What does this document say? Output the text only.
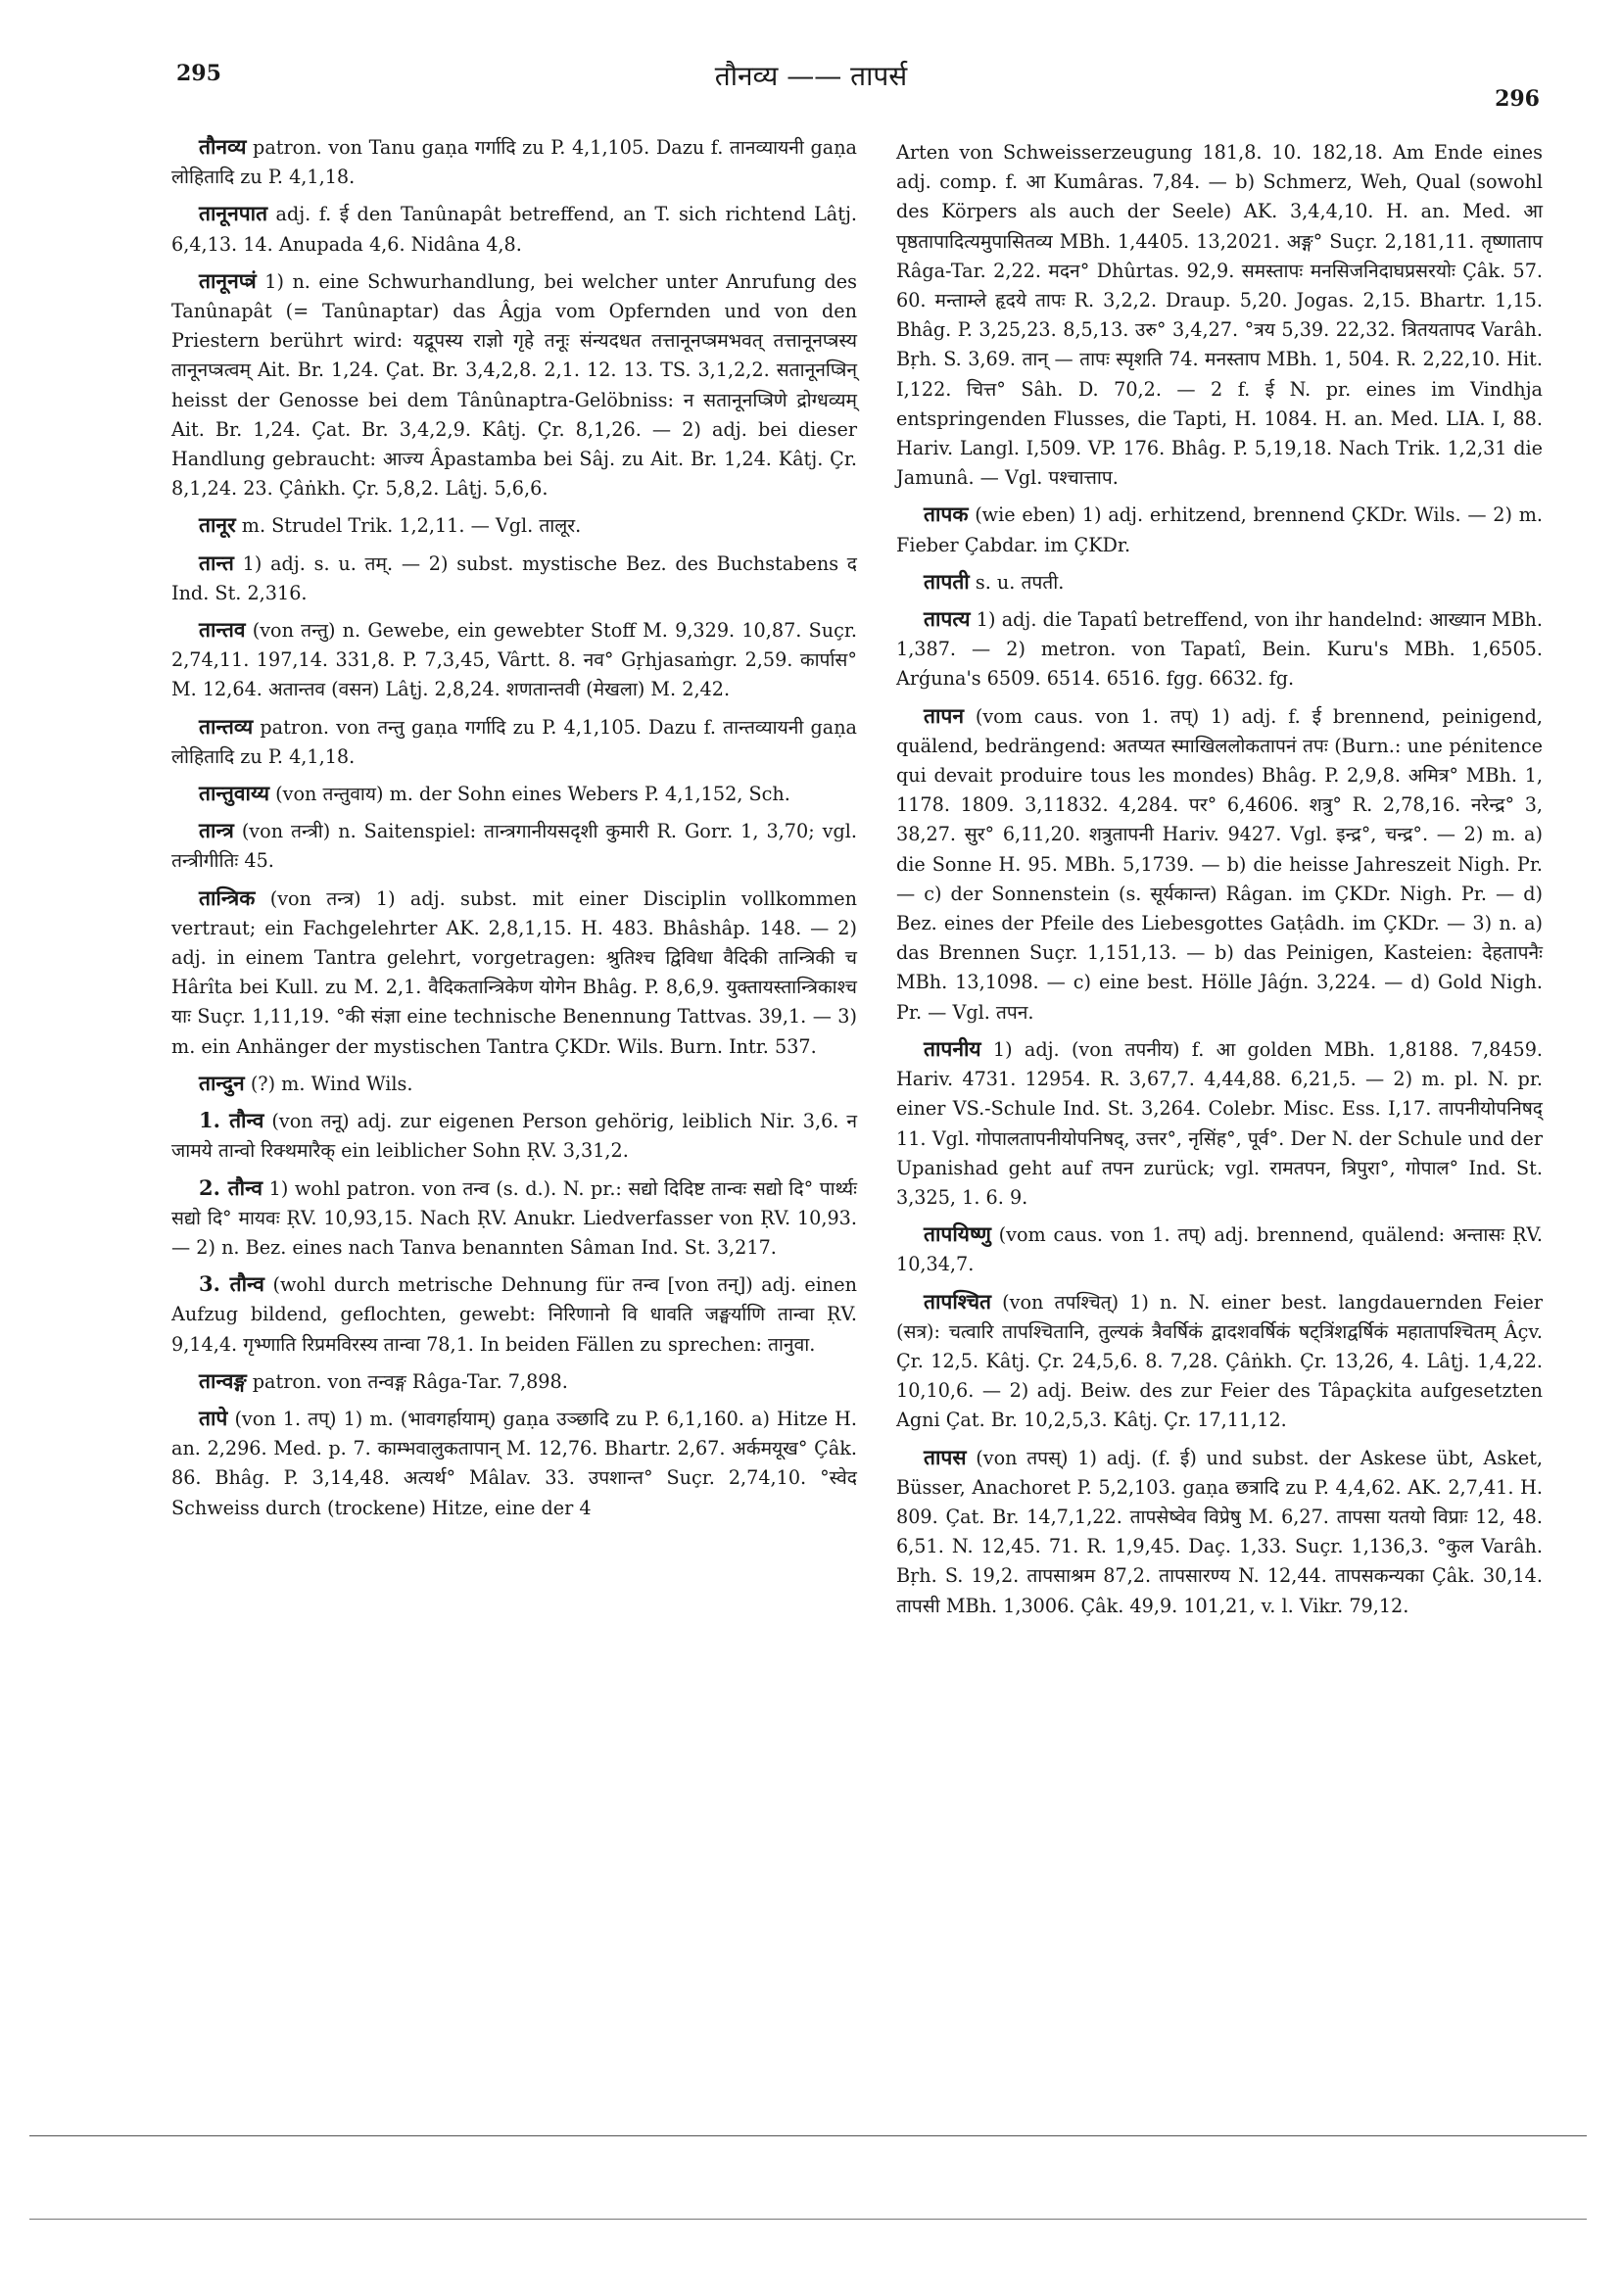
295	तौनव्य —— तापर्स
296

तौनव्य patron. von Tanu gaṇa गर्गादि zu P. 4,1,105. Dazu f. तानव्यायनी gaṇa लोहितादि zu P. 4,1,18.

तानूनपात adj. f. ई den Tanûnapât betreffend, an T. sich richtend Lâṭj. 6,4,13. 14. Anupada 4,6. Nidâna 4,8.

तानूनप्त्रं 1) n. eine Schwurhandlung, bei welcher unter Anrufung des Tanûnapât (= Tanûnaptar) das Âgja vom Opfernden und von den Priestern berührt wird: यद्रूपस्य राज्ञो गृहे तनूः संन्यदधत तत्तानूनप्त्रमभवत् तत्तानूनप्त्रस्य तानूनप्त्रत्वम् Ait. Br. 1,24. Çat. Br. 3,4,2,8. 2,1. 12. 13. TS. 3,1,2,2. सतानूनप्त्रिन् heisst der Genosse bei dem Tânûnaptra-Gelöbniss: न सतानूनप्त्रिणे द्रोग्धव्यम् Ait. Br. 1,24. Çat. Br. 3,4,2,9. Kâtj. Çr. 8,1,26. — 2) adj. bei dieser Handlung gebraucht: आज्य Âpastamba bei Sâj. zu Ait. Br. 1,24. Kâtj. Çr. 8,1,24. 23. Çâṅkh. Çr. 5,8,2. Lâṭj. 5,6,6.

तानूर m. Strudel Trik. 1,2,11. — Vgl. तालूर.

तान्त 1) adj. s. u. तम्. — 2) subst. mystische Bez. des Buchstabens द Ind. St. 2,316.

तान्तव (von तन्तु) n. Gewebe, ein gewebter Stoff M. 9,329. 10,87. Suçr. 2,74,11. 197,14. 331,8. P. 7,3,45, Vârtt. 8. नव° Gṛhjasaṁgr. 2,59. कार्पास° M. 12,64. अतान्तव (वसन) Lâṭj. 2,8,24. शणतान्तवी (मेखला) M. 2,42.

तान्तव्य patron. von तन्तु gaṇa गर्गादि zu P. 4,1,105. Dazu f. तान्तव्यायनी gaṇa लोहितादि zu P. 4,1,18.

तान्तुवाय्य (von तन्तुवाय) m. der Sohn eines Webers P. 4,1,152, Sch.

तान्त्र (von तन्त्री) n. Saitenspiel: तान्त्रगानीयसदृशी कुमारी R. Gorr. 1, 3,70; vgl. तन्त्रीगीतिः 45.

तान्त्रिक (von तन्त्र) 1) adj. subst. mit einer Disciplin vollkommen vertraut; ein Fachgelehrter AK. 2,8,1,15. H. 483. Bhâshâp. 148. — 2) adj. in einem Tantra gelehrt, vorgetragen: श्रुतिश्च द्विविधा वैदिकी तान्त्रिकी च Hârîta bei Kull. zu M. 2,1. वैदिकतान्त्रिकेण योगेन Bhâg. P. 8,6,9. युक्तायस्तान्त्रिकाश्च याः Suçr. 1,11,19. °की संज्ञा eine technische Benennung Tattvas. 39,1. — 3) m. ein Anhänger der mystischen Tantra ÇKDr. Wils. Burn. Intr. 537.

तान्दुन (?) m. Wind Wils.

1. तौन्व (von तनू) adj. zur eigenen Person gehörig, leiblich Nir. 3,6. न जामये तान्वो रिक्थमारैक् ein leiblicher Sohn ṚV. 3,31,2.

2. तौन्व 1) wohl patron. von तन्व (s. d.). N. pr.: सद्यो दिदिष्ट तान्वः सद्यो दि° पार्थ्यः सद्यो दि° मायवः ṚV. 10,93,15. Nach ṚV. Anukr. Liedverfasser von ṚV. 10,93. — 2) n. Bez. eines nach Tanva benannten Sâman Ind. St. 3,217.

3. तौन्व (wohl durch metrische Dehnung für तन्व [von तन्]) adj. einen Aufzug bildend, geflochten, gewebt: निरिणानो वि धावति जङ्घर्याणि तान्वा ṚV. 9,14,4. गृभ्णाति रिप्रमविरस्य तान्वा 78,1. In beiden Fällen zu sprechen: तानुवा.

तान्वङ्ग patron. von तन्वङ्ग Râga-Tar. 7,898.

तापे (von 1. तप्) 1) m. (भावगर्हायाम्) gaṇa उञ्छादि zu P. 6,1,160. a) Hitze H. an. 2,296. Med. p. 7. काम्भवालुकतापान् M. 12,76. Bhartr. 2,67. अर्कमयूख° Çâk. 86. Bhâg. P. 3,14,48. अत्यर्थ° Mâlav. 33. उपशान्त° Suçr. 2,74,10. °स्वेद Schweiss durch (trockene) Hitze, eine der 4

Arten von Schweisserzeugung 181,8. 10. 182,18. Am Ende eines adj. comp. f. आ Kumâras. 7,84. — b) Schmerz, Weh, Qual (sowohl des Körpers als auch der Seele) AK. 3,4,4,10. H. an. Med. आ पृष्ठतापादित्यमुपासितव्य MBh. 1,4405. 13,2021. अङ्ग° Suçr. 2,181,11. तृष्णाताप Râga-Tar. 2,22. मदन° Dhûrtas. 92,9. समस्तापः मनसिजनिदाघप्रसरयोः Çâk. 57. 60. मन्ताम्ले हृदये तापः R. 3,2,2. Draup. 5,20. Jogas. 2,15. Bhartr. 1,15. Bhâg. P. 3,25,23. 8,5,13. उरु° 3,4,27. °त्रय 5,39. 22,32. त्रितयतापद Varâh. Bṛh. S. 3,69. तान् — तापः स्पृशति 74. मनस्ताप MBh. 1, 504. R. 2,22,10. Hit. I,122. चित्त° Sâh. D. 70,2. — 2 f. ई N. pr. eines im Vindhja entspringenden Flusses, die Tapti, H. 1084. H. an. Med. LIA. I, 88. Hariv. Langl. I,509. VP. 176. Bhâg. P. 5,19,18. Nach Trik. 1,2,31 die Jamunâ. — Vgl. पश्चात्ताप.

तापक (wie eben) 1) adj. erhitzend, brennend ÇKDr. Wils. — 2) m. Fieber Çabdar. im ÇKDr.

तापती s. u. तपती.

तापत्य 1) adj. die Tapatî betreffend, von ihr handelnd: आख्यान MBh. 1,387. — 2) metron. von Tapatî, Bein. Kuru's MBh. 1,6505. Arǵuna's 6509. 6514. 6516. fgg. 6632. fg.

तापन (vom caus. von 1. तप्) 1) adj. f. ई brennend, peinigend, quälend, bedrängend: अतप्यत स्माखिललोकतापनं तपः (Burn.: une pénitence qui devait produire tous les mondes) Bhâg. P. 2,9,8. अमित्र° MBh. 1, 1178. 1809. 3,11832. 4,284. पर° 6,4606. शत्रु° R. 2,78,16. नरेन्द्र° 3, 38,27. सुर° 6,11,20. शत्रुतापनी Hariv. 9427. Vgl. इन्द्र°, चन्द्र°. — 2) m. a) die Sonne H. 95. MBh. 5,1739. — b) die heisse Jahreszeit Nigh. Pr. — c) der Sonnenstein (s. सूर्यकान्त) Râgan. im ÇKDr. Nigh. Pr. — d) Bez. eines der Pfeile des Liebesgottes Gaṭâdh. im ÇKDr. — 3) n. a) das Brennen Suçr. 1,151,13. — b) das Peinigen, Kasteien: देहतापनैः MBh. 13,1098. — c) eine best. Hölle Jâǵn. 3,224. — d) Gold Nigh. Pr. — Vgl. तपन.

तापनीय 1) adj. (von तपनीय) f. आ golden MBh. 1,8188. 7,8459. Hariv. 4731. 12954. R. 3,67,7. 4,44,88. 6,21,5. — 2) m. pl. N. pr. einer VS.-Schule Ind. St. 3,264. Colebr. Misc. Ess. I,17. तापनीयोपनिषद् 11. Vgl. गोपालतापनीयोपनिषद्, उत्तर°, नृसिंह°, पूर्व°. Der N. der Schule und der Upanishad geht auf तपन zurück; vgl. रामतपन, त्रिपुरा°, गोपाल° Ind. St. 3,325, 1. 6. 9.

तापयिष्णु (vom caus. von 1. तप्) adj. brennend, quälend: अन्तासः ṚV. 10,34,7.

तापश्चित (von तपश्चित्) 1) n. N. einer best. langdauernden Feier (सत्र): चत्वारि तापश्चितानि, तुल्यकं त्रैवर्षिकं द्वादशवर्षिकं षट्त्रिंशद्वर्षिकं महातापश्चितम् Âçv. Çr. 12,5. Kâtj. Çr. 24,5,6. 8. 7,28. Çâṅkh. Çr. 13,26, 4. Lâṭj. 1,4,22. 10,10,6. — 2) adj. Beiw. des zur Feier des Tâpaçkita aufgesetzten Agni Çat. Br. 10,2,5,3. Kâtj. Çr. 17,11,12.

तापस (von तपस्) 1) adj. (f. ई) und subst. der Askese übt, Asket, Büsser, Anachoret P. 5,2,103. gaṇa छत्रादि zu P. 4,4,62. AK. 2,7,41. H. 809. Çat. Br. 14,7,1,22. तापसेष्वेव विप्रेषु M. 6,27. तापसा यतयो विप्राः 12, 48. 6,51. N. 12,45. 71. R. 1,9,45. Daç. 1,33. Suçr. 1,136,3. °कुल Varâh. Bṛh. S. 19,2. तापसाश्रम 87,2. तापसारण्य N. 12,44. तापसकन्यका Çâk. 30,14. तापसी MBh. 1,3006. Çâk. 49,9. 101,21, v. l. Vikr. 79,12.
